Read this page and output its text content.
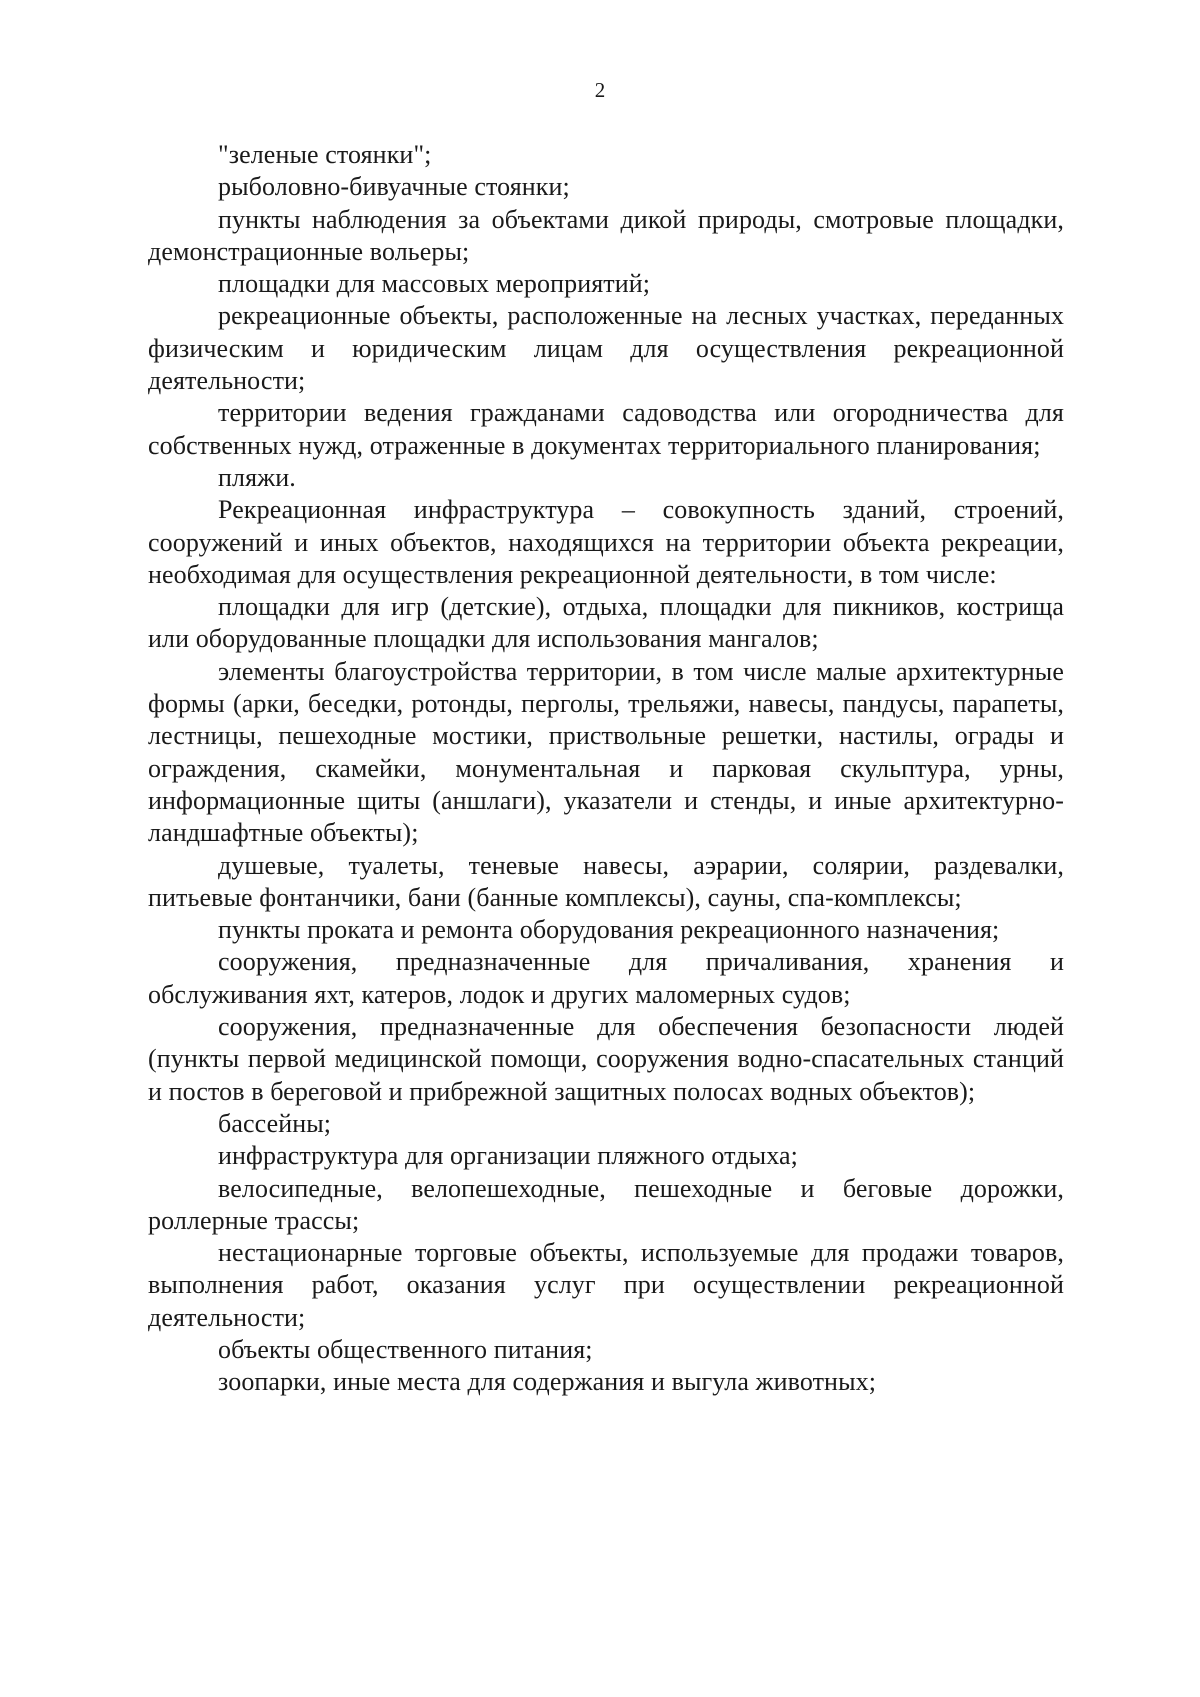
2

"зеленые стоянки";

рыболовно-бивуачные стоянки;

пункты наблюдения за объектами дикой природы, смотровые площадки, демонстрационные вольеры;

площадки для массовых мероприятий;

рекреационные объекты, расположенные на лесных участках, переданных физическим и юридическим лицам для осуществления рекреационной деятельности;

территории ведения гражданами садоводства или огородничества для собственных нужд, отраженные в документах территориального планирования;

пляжи.

Рекреационная инфраструктура – совокупность зданий, строений, сооружений и иных объектов, находящихся на территории объекта рекреации, необходимая для осуществления рекреационной деятельности, в том числе:

площадки для игр (детские), отдыха, площадки для пикников, кострища или оборудованные площадки для использования мангалов;

элементы благоустройства территории, в том числе малые архитектурные формы (арки, беседки, ротонды, перголы, трельяжи, навесы, пандусы, парапеты, лестницы, пешеходные мостики, приствольные решетки, настилы, ограды и ограждения, скамейки, монументальная и парковая скульптура, урны, информационные щиты (аншлаги), указатели и стенды, и иные архитектурно-ландшафтные объекты);

душевые, туалеты, теневые навесы, аэрарии, солярии, раздевалки, питьевые фонтанчики, бани (банные комплексы), сауны, спа-комплексы;

пункты проката и ремонта оборудования рекреационного назначения;

сооружения, предназначенные для причаливания, хранения и обслуживания яхт, катеров, лодок и других маломерных судов;

сооружения, предназначенные для обеспечения безопасности людей (пункты первой медицинской помощи, сооружения водно-спасательных станций и постов в береговой и прибрежной защитных полосах водных объектов);

бассейны;

инфраструктура для организации пляжного отдыха;

велосипедные, велопешеходные, пешеходные и беговые дорожки, роллерные трассы;

нестационарные торговые объекты, используемые для продажи товаров, выполнения работ, оказания услуг при осуществлении рекреационной деятельности;

объекты общественного питания;

зоопарки, иные места для содержания и выгула животных;
